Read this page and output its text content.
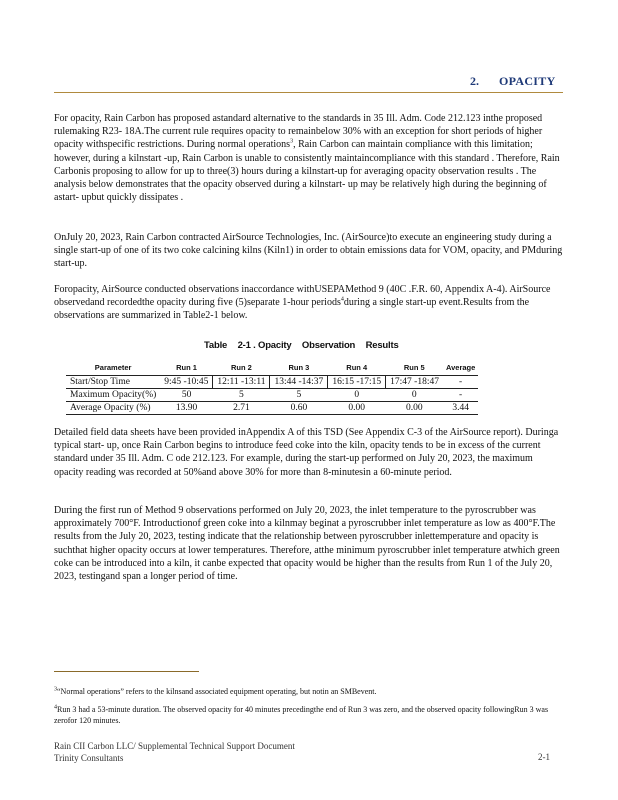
2. OPACITY

For opacity, Rain Carbon has proposed astandard alternative to the standards in 35 Ill. Adm. Code 212.123 inthe proposed rulemaking R23- 18A.The current rule requires opacity to remainbelow 30% with an exception for short periods of higher opacity withspecific restrictions. During normal operations$^3$, Rain Carbon can maintain compliance with this limitation; however, during a kilnstart -up, Rain Carbon is unable to consistently maintaincompliance with this standard . Therefore, Rain Carbonis proposing to allow for up to three(3) hours during a kilnstart-up for averaging opacity observation results . The analysis below demonstrates that the opacity observed during a kilnstart- up may be relatively high during the beginning of astart- upbut quickly dissipates .

OnJuly 20, 2023, Rain Carbon contracted AirSource Technologies, Inc. (AirSource)to execute an engineering study during a single start-up of one of its two coke calcining kilns (Kiln1) in order to obtain emissions data for VOM, opacity, and PMduring start-up.

Foropacity, AirSource conducted observations inaccordance withUSEPAMethod 9 (40C .F.R. 60, Appendix A-4). AirSource observedand recordedthe opacity during five (5)separate 1-hour periods$^4$during a single start-up event.Results from the observations are summarized in Table2-1 below.

Table 2-1 . Opacity Observation Results
Parameter	Run 1	Run 2	Run 3	Run 4	Run 5	Average
Start/Stop Time	9:45 -10:45	12:11 -13:11	13:44 -14:37	16:15 -17:15	17:47 -18:47	-
Maximum Opacity(%)	50	5	5	0	0	-
Average Opacity (%)	13.90	2.71	0.60	0.00	0.00	3.44

Detailed field data sheets have been provided inAppendix A of this TSD (See Appendix C-3 of the AirSource report). Duringa typical start- up, once Rain Carbon begins to introduce feed coke into the kiln, opacity tends to be in excess of the current standard under 35 Ill. Adm. C ode 212.123. For example, during the start-up performed on July 20, 2023, the maximum opacity reading was recorded at 50%and above 30% for more than 8-minutesin a 60-minute period.

During the first run of Method 9 observations performed on July 20, 2023, the inlet temperature to the pyroscrubber was approximately 700°F. Introductionof green coke into a kilnmay beginat a pyroscrubber inlet temperature as low as 400°F.The results from the July 20, 2023, testing indicate that the relationship between pyroscrubber inlettemperature and opacity is suchthat higher opacity occurs at lower temperatures. Therefore, atthe minimum pyroscrubber inlet temperature atwhich green coke can be introduced into a kiln, it canbe expected that opacity would be higher than the results from Run 1 of the July 20, 2023, testingand span a longer period of time.

$^3$“Normal operations” refers to the kilnsand associated equipment operating, but notin an SMBevent.

$^4$Run 3 had a 53-minute duration. The observed opacity for 40 minutes precedingthe end of Run 3 was zero, and the observed opacity followingRun 3 was zerofor 120 minutes.

Rain CII Carbon LLC/ Supplemental Technical Support Document
Trinity Consultants	2-1
